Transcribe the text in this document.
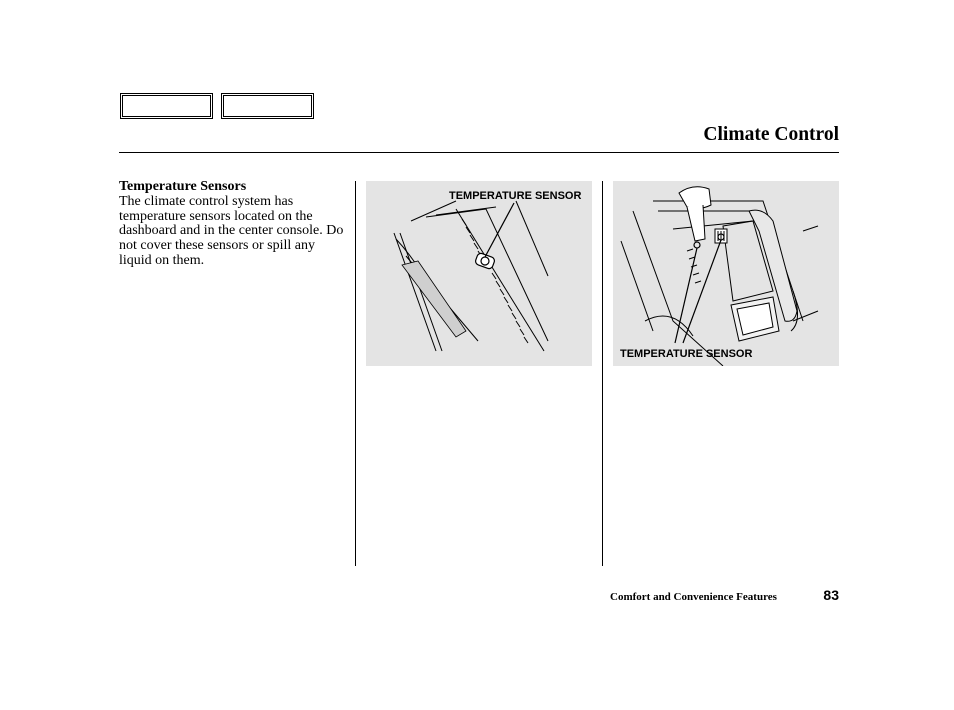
Climate Control
Temperature Sensors

The climate control system has temperature sensors located on the dashboard and in the center console. Do not cover these sensors or spill any liquid on them.

TEMPERATURE SENSOR
TEMPERATURE SENSOR
Comfort and Convenience Features	83
